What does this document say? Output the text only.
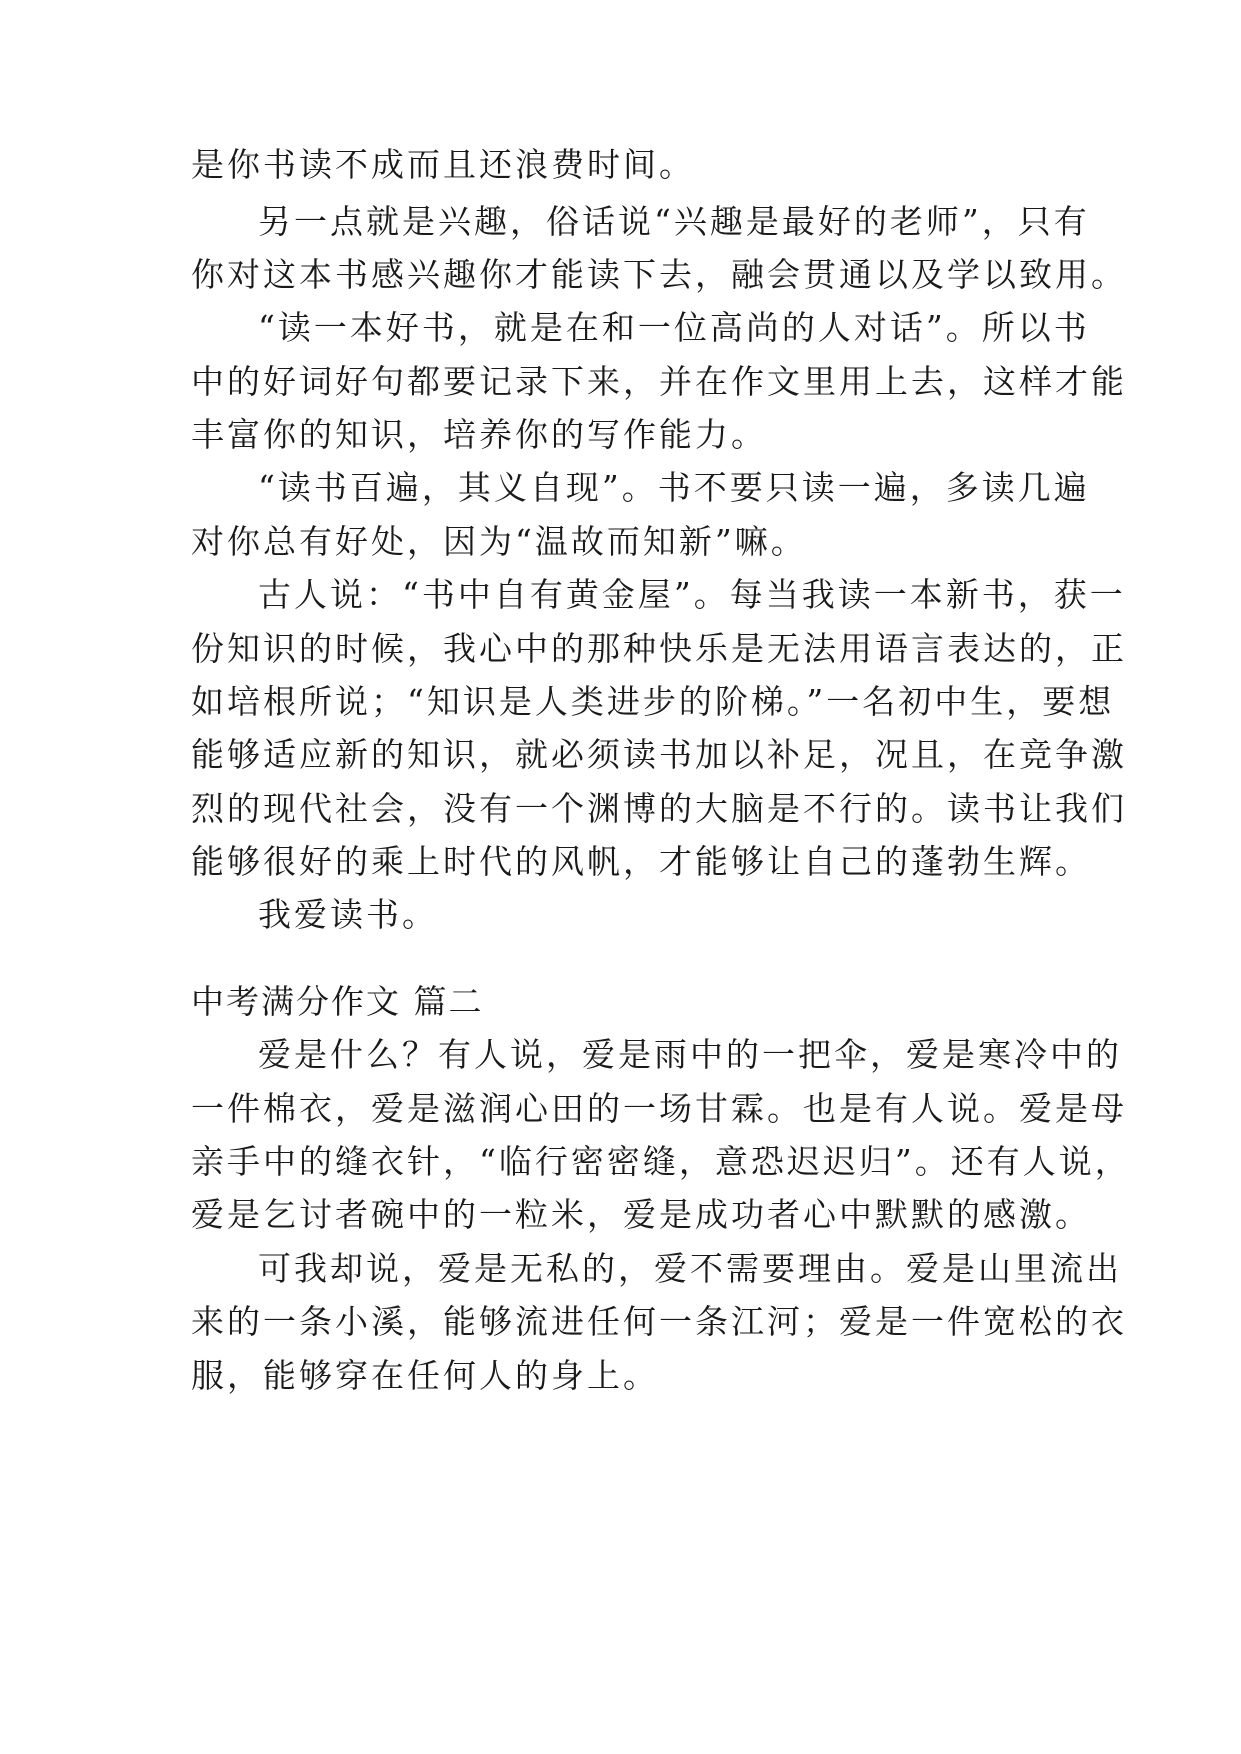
是你书读不成而且还浪费时间。
另一点就是兴趣，俗话说“兴趣是最好的老师”，只有
你对这本书感兴趣你才能读下去，融会贯通以及学以致用。
“读一本好书，就是在和一位高尚的人对话”。所以书
中的好词好句都要记录下来，并在作文里用上去，这样才能
丰富你的知识，培养你的写作能力。
“读书百遍，其义自现”。书不要只读一遍，多读几遍
对你总有好处，因为“温故而知新”嘛。
古人说：“书中自有黄金屋”。每当我读一本新书，获一
份知识的时候，我心中的那种快乐是无法用语言表达的，正
如培根所说；“知识是人类进步的阶梯。”一名初中生，要想
能够适应新的知识，就必须读书加以补足，况且，在竞争激
烈的现代社会，没有一个渊博的大脑是不行的。读书让我们
能够很好的乘上时代的风帆，才能够让自己的蓬勃生辉。
我爱读书。
中考满分作文 篇二
爱是什么？有人说，爱是雨中的一把伞，爱是寒冷中的
一件棉衣，爱是滋润心田的一场甘霖。也是有人说。爱是母
亲手中的缝衣针，“临行密密缝，意恐迟迟归”。还有人说，
爱是乞讨者碗中的一粒米，爱是成功者心中默默的感激。
可我却说，爱是无私的，爱不需要理由。爱是山里流出
来的一条小溪，能够流进任何一条江河；爱是一件宽松的衣
服，能够穿在任何人的身上。
